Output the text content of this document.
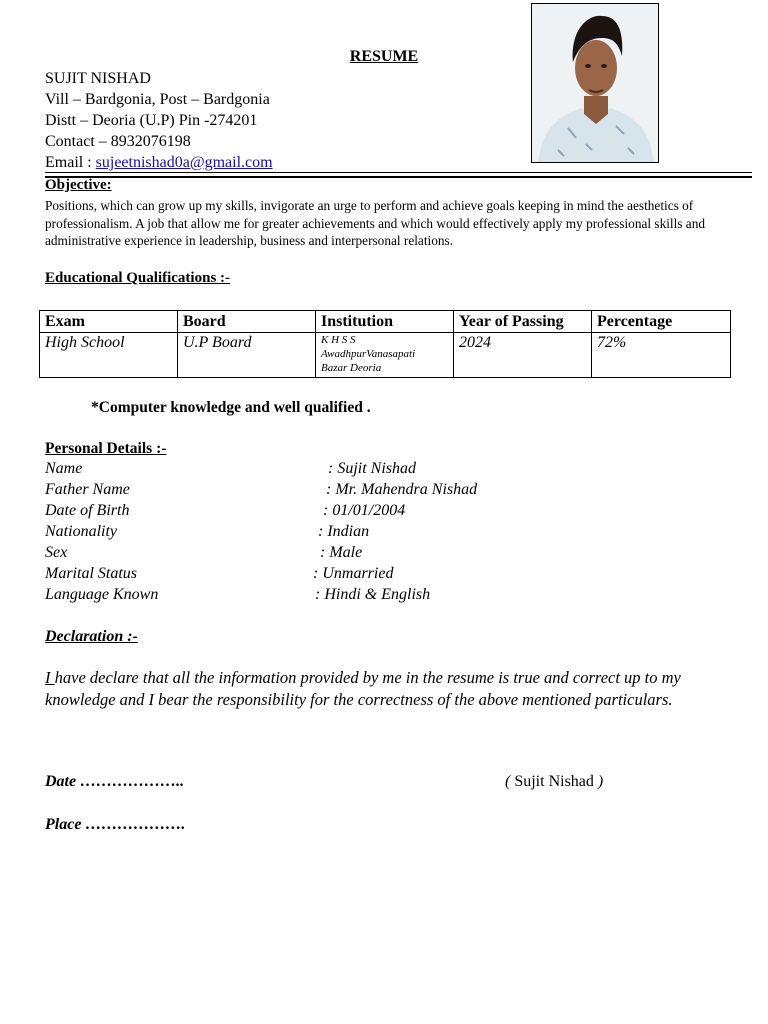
RESUME
SUJIT NISHAD
Vill – Bardgonia, Post – Bardgonia
Distt – Deoria (U.P) Pin -274201
Contact – 8932076198
Email : sujeetnishad0a@gmail.com
Objective:
Positions, which can grow up my skills, invigorate an urge to perform and achieve goals keeping in mind the aesthetics of professionalism. A job that allow me for greater achievements and which would effectively apply my professional skills and administrative experience in leadership, business and interpersonal relations.
Educational Qualifications :-
Exam	Board	Institution	Year of Passing	Percentage
High School	U.P Board	K H S S
AwadhpurVanasapati
Bazar Deoria	2024	72%
*Computer knowledge and well qualified .
Personal Details :-
Name	: Sujit Nishad
Father Name	: Mr. Mahendra Nishad
Date of Birth	: 01/01/2004
Nationality	: Indian
Sex	: Male
Marital Status	: Unmarried
Language Known	: Hindi & English
Declaration :-
I have declare that all the information provided by me in the resume is true and correct up to my knowledge and I bear the responsibility for the correctness of the above mentioned particulars.
Date ………………..	( Sujit Nishad )
Place ……………….
